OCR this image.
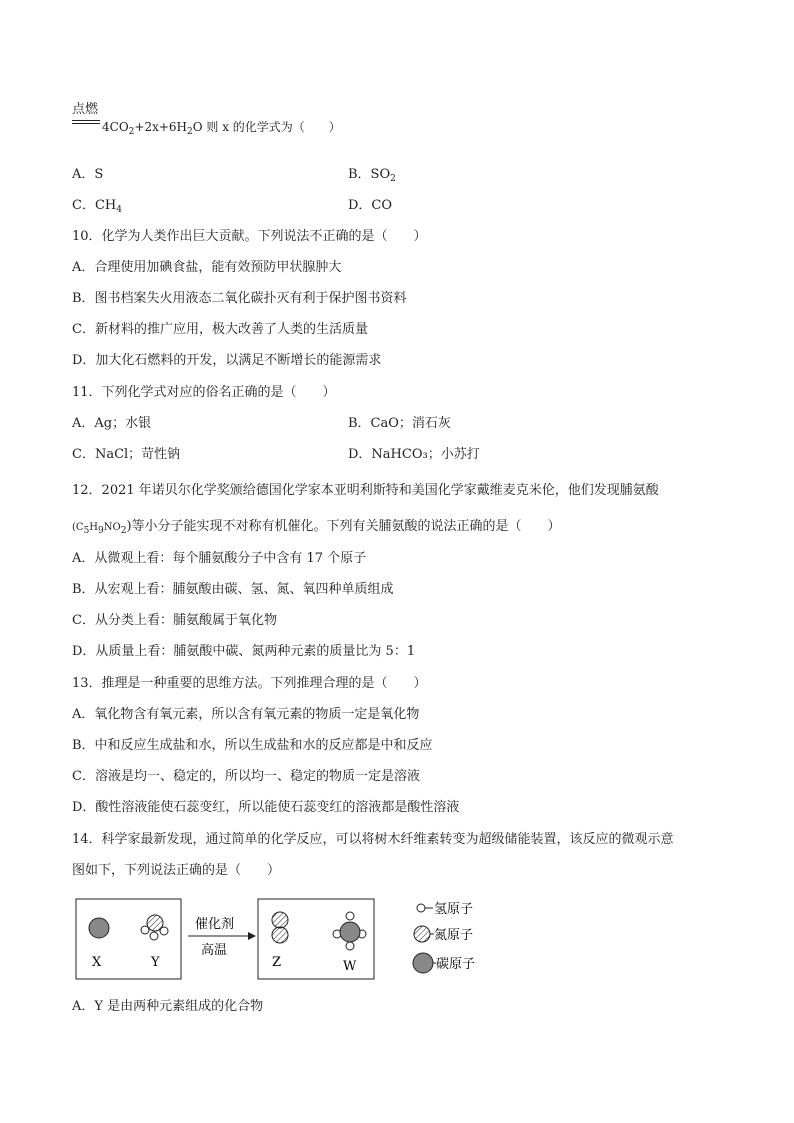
点燃
$4CO_2+2x+6H_2O$ 则 x 的化学式为（　　）
A．S	B．$SO_2$
C．$CH_4$	D．CO
10．化学为人类作出巨大贡献。下列说法不正确的是（　　）
A．合理使用加碘食盐，能有效预防甲状腺肿大
B．图书档案失火用液态二氧化碳扑灭有利于保护图书资料
C．新材料的推广应用，极大改善了人类的生活质量
D．加大化石燃料的开发，以满足不断增长的能源需求
11．下列化学式对应的俗名正确的是（　　）
A．Ag；水银	B．CaO；消石灰
C．NaCl；苛性钠	D．NaHCO₃；小苏打
12．2021 年诺贝尔化学奖颁给德国化学家本亚明利斯特和美国化学家戴维麦克米伦，他们发现脯氨酸
$(C_5H_9NO_2)$等小分子能实现不对称有机催化。下列有关脯氨酸的说法正确的是（　　）
A．从微观上看：每个脯氨酸分子中含有 17 个原子
B．从宏观上看：脯氨酸由碳、氢、氮、氧四种单质组成
C．从分类上看：脯氨酸属于氧化物
D．从质量上看：脯氨酸中碳、氮两种元素的质量比为 5：1
13．推理是一种重要的思维方法。下列推理合理的是（　　）
A．氧化物含有氧元素，所以含有氧元素的物质一定是氧化物
B．中和反应生成盐和水，所以生成盐和水的反应都是中和反应
C．溶液是均一、稳定的，所以均一、稳定的物质一定是溶液
D．酸性溶液能使石蕊变红，所以能使石蕊变红的溶液都是酸性溶液
14．科学家最新发现，通过简单的化学反应，可以将树木纤维素转变为超级储能装置，该反应的微观示意
图如下，下列说法正确的是（　　）
X	Y
催化剂
高温
Z	W
氢原子
氮原子
碳原子
A．Y 是由两种元素组成的化合物
